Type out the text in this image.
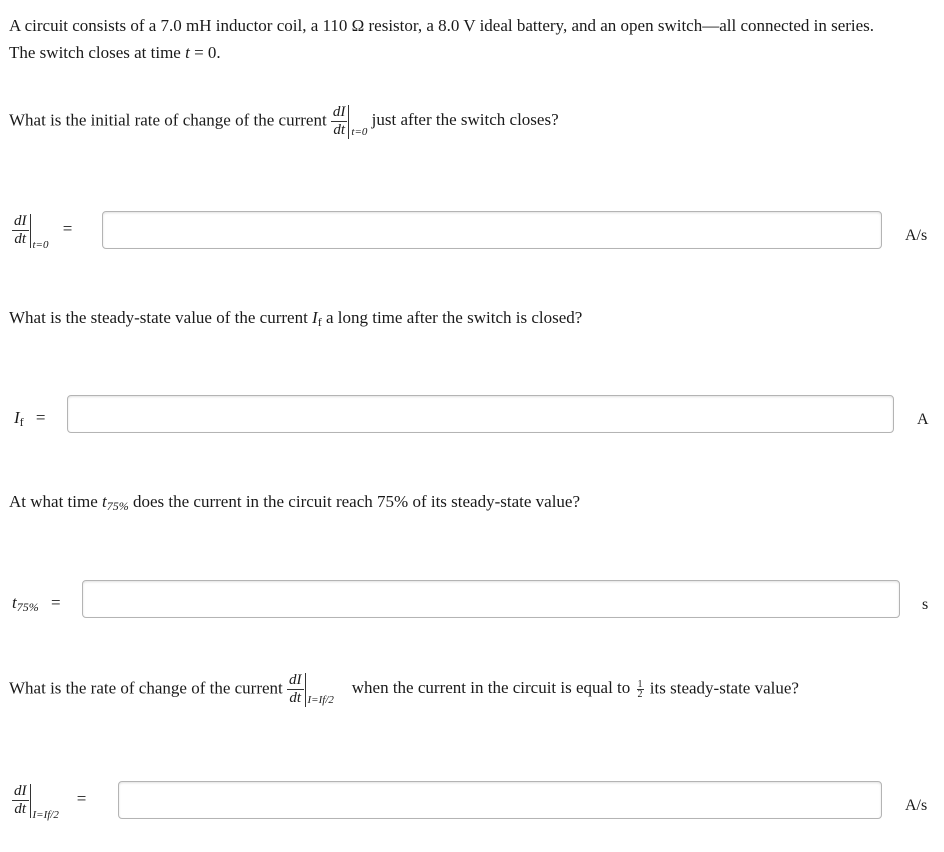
A circuit consists of a 7.0 mH inductor coil, a 110 Ω resistor, a 8.0 V ideal battery, and an open switch—all connected in series.
The switch closes at time t = 0.
What is the initial rate of change of the current $\frac{dI}{dt} t=0$
just after the switch closes?
$\frac{dI}{dt} t=0$
=	A/s
What is the steady-state value of the current $I_f$ a long time after the switch is closed?
$I_f$ =	A
At what time $t_{75\%}$ does the current in the circuit reach 75% of its steady-state value?
$t_{75\%}$ =	s
What is the rate of change of the current $\frac{dI}{dt} I=If/2$
when the current in the circuit is equal to $\frac{1}{2}$ its steady-state value?
$\frac{dI}{dt} I=If/2$
=	A/s
